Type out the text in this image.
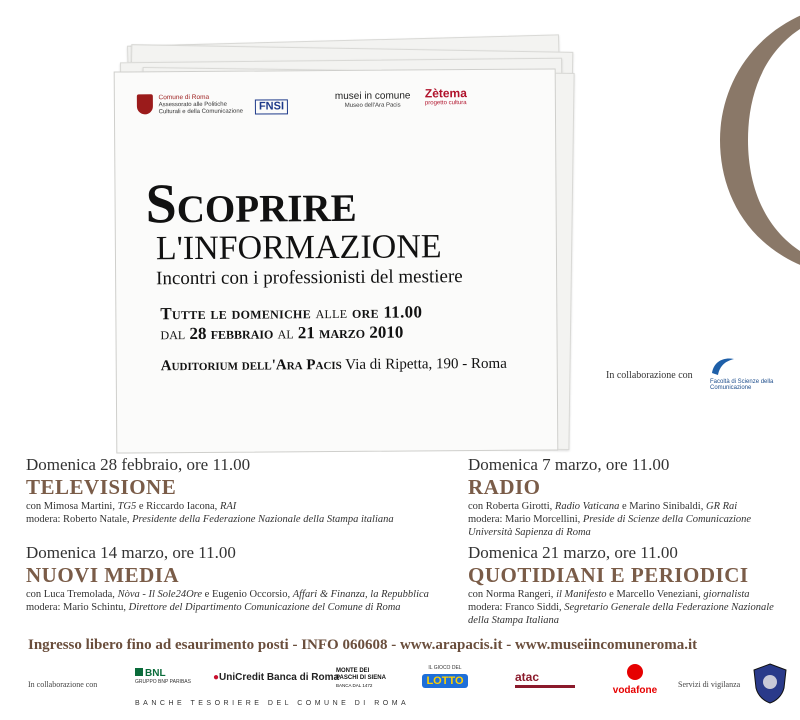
Comune di Roma
Assessorato alle Politiche Culturali e della Comunicazione	FNSI
musei in comune
Museo dell'Ara Pacis
Zètema
progetto cultura
Scoprire
L'INFORMAZIONE
Incontri con i professionisti del mestiere
Tutte le domeniche alle ore 11.00
dal 28 febbraio al 21 marzo 2010
Auditorium dell'Ara Pacis Via di Ripetta, 190 - Roma
In collaborazione con
Facoltà di Scienze della Comunicazione
Domenica 28 febbraio, ore 11.00
TELEVISIONE
con Mimosa Martini, TG5 e Riccardo Iacona, RAI
modera: Roberto Natale, Presidente della Federazione Nazionale della Stampa italiana
Domenica 7 marzo, ore 11.00
RADIO
con Roberta Girotti, Radio Vaticana e Marino Sinibaldi, GR Rai
modera: Mario Morcellini, Preside di Scienze della Comunicazione
Università Sapienza di Roma
Domenica 14 marzo, ore 11.00
NUOVI MEDIA
con Luca Tremolada, Nòva - Il Sole24Ore e Eugenio Occorsio, Affari & Finanza, la Repubblica
modera: Mario Schintu, Direttore del Dipartimento Comunicazione del Comune di Roma
Domenica 21 marzo, ore 11.00
QUOTIDIANI E PERIODICI
con Norma Rangeri, il Manifesto e Marcello Veneziani, giornalista
modera: Franco Siddi, Segretario Generale della Federazione Nazionale
della Stampa Italiana
Ingresso libero fino ad esaurimento posti - INFO 060608 - www.arapacis.it - www.museiincomuneroma.it
In collaborazione con
BNL
GRUPPO BNP PARIBAS ●UniCredit Banca di Roma
MONTE DEI PASCHI DI SIENA
BANCA DAL 1472
BANCHE TESORIERE DEL COMUNE DI ROMA
IL GIOCO DEL
LOTTO	atac
vodafone
Servizi di vigilanza
